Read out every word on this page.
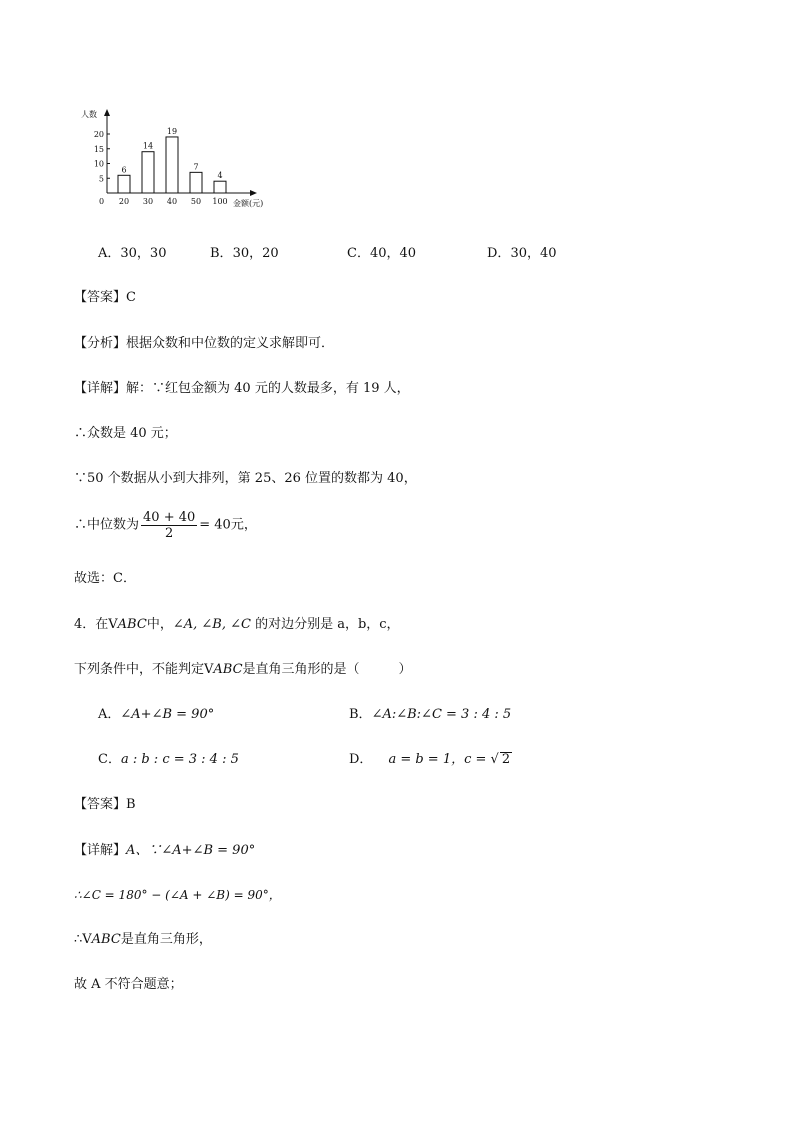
人数
金额(元)
0
20
15
10
5
6
20
14
30
19
40
7
50
4
100
A．30，30	B．30，20	C．40，40	D．30，40
【答案】C
【分析】根据众数和中位数的定义求解即可．
【详解】解：∵红包金额为 40 元的人数最多，有 19 人，
∴众数是 40 元；
∵50 个数据从小到大排列，第 25、26 位置的数都为 40，
∴中位数为 $\frac{40 + 40}{2} = 40$元，
故选：C．
4．在VABC中，∠A, ∠B, ∠C 的对边分别是 a，b，c，
下列条件中，不能判定VABC是直角三角形的是（　　　）
A．∠A+∠B = 90°	B．∠A:∠B:∠C = 3 : 4 : 5
C．a : b : c = 3 : 4 : 5	D． a = b = 1，c = √ 2
【答案】B
【详解】A、∵∠A+∠B = 90°
∴∠C = 180° − (∠A + ∠B) = 90°，
∴VABC是直角三角形，
故 A 不符合题意；
